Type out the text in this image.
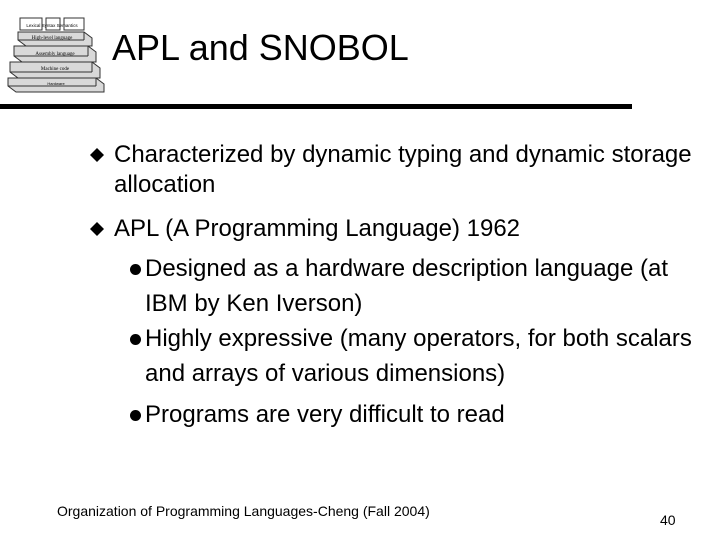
Lexical Syntax Semantics
High-level language
Assembly language
Machine code
Hardware
APL and SNOBOL
Characterized by dynamic typing and dynamic storage allocation
APL (A Programming Language) 1962
Designed as a hardware description language (at IBM by Ken Iverson)
Highly expressive (many operators, for both scalars and arrays of various dimensions)
Programs are very difficult to read
Organization of Programming Languages-Cheng (Fall 2004)
40
